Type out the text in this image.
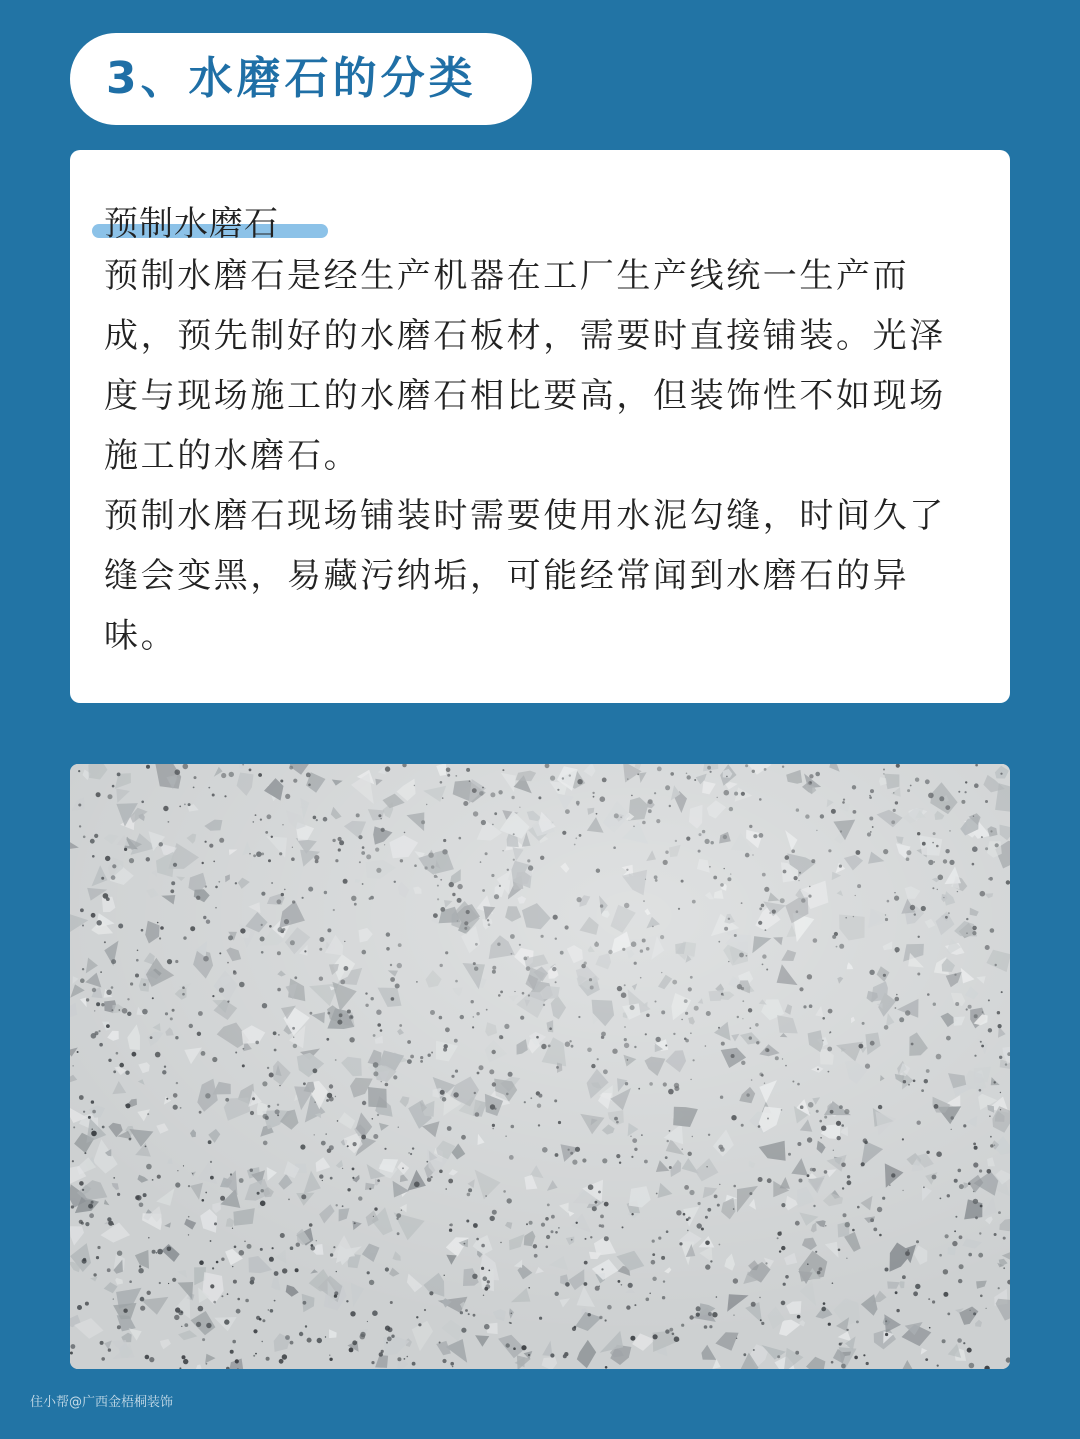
3、水磨石的分类
预制水磨石

预制水磨石是经生产机器在工厂生产线统一生产而成，预先制好的水磨石板材，需要时直接铺装。光泽度与现场施工的水磨石相比要高，但装饰性不如现场施工的水磨石。

预制水磨石现场铺装时需要使用水泥勾缝，时间久了缝会变黑，易藏污纳垢，可能经常闻到水磨石的异味。

住小帮@广西金梧桐装饰
